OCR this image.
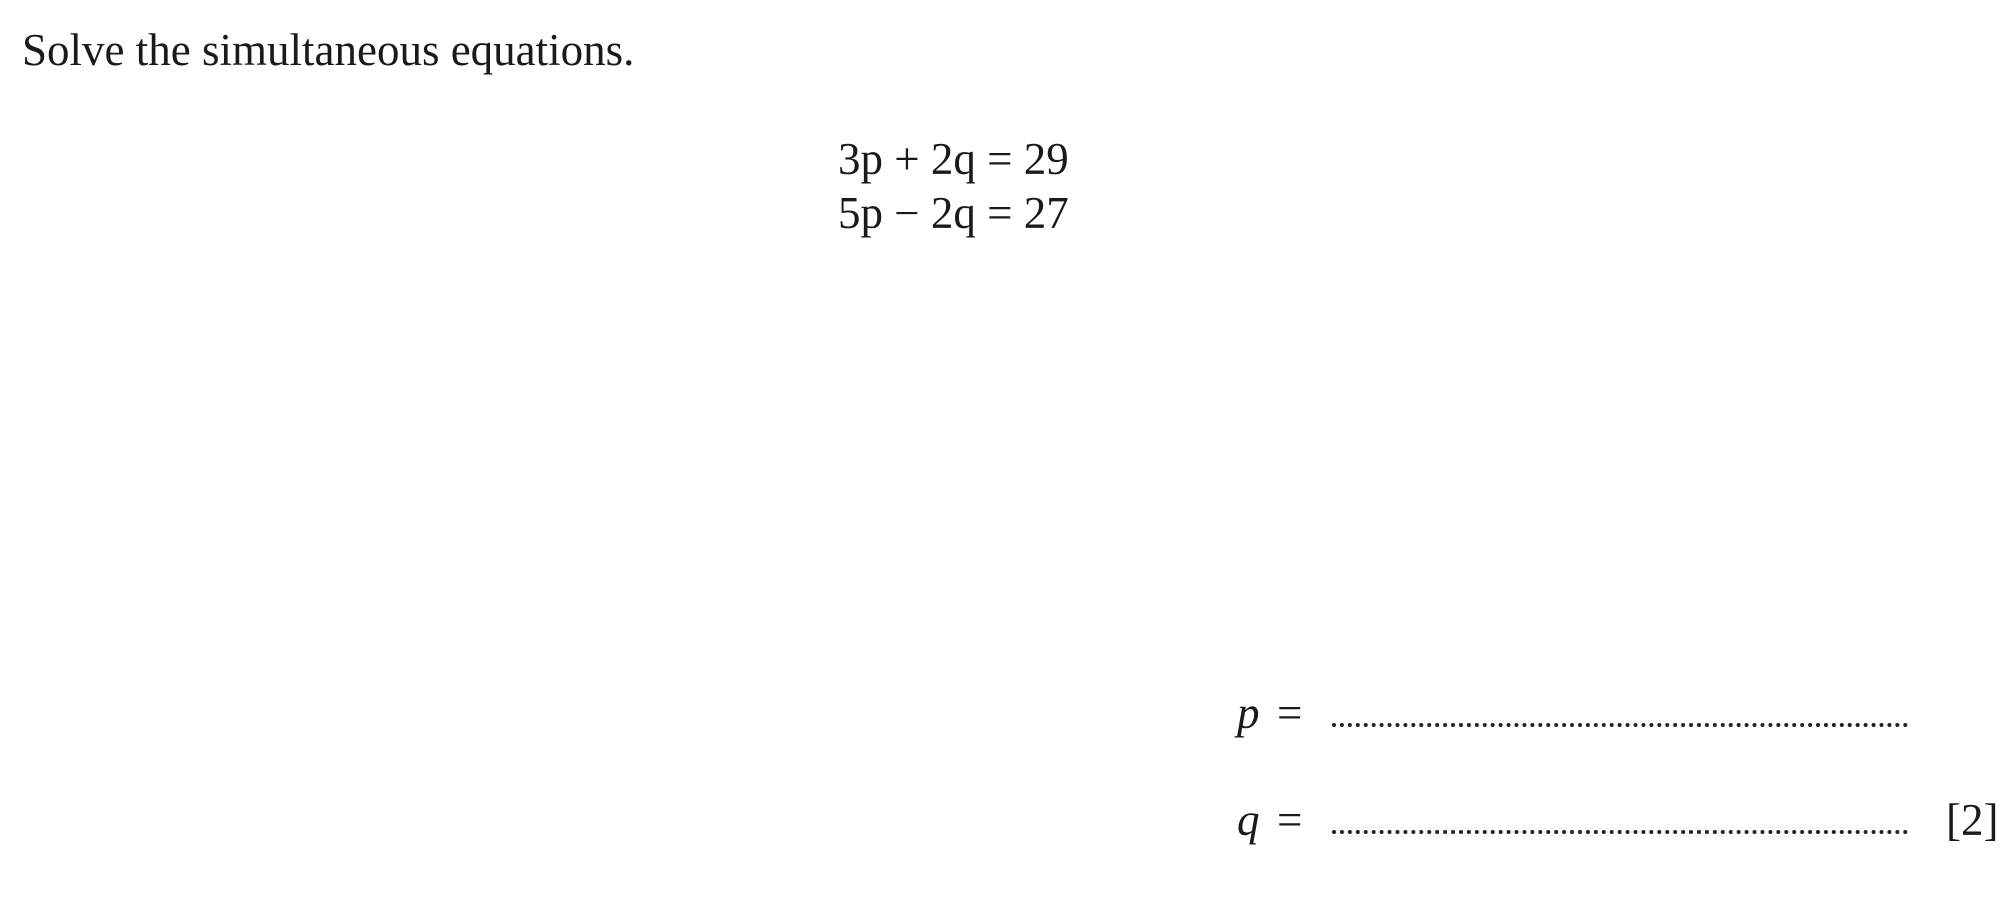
Solve the simultaneous equations.
3p + 2q = 29
5p − 2q = 27
p =
q =	[2]
